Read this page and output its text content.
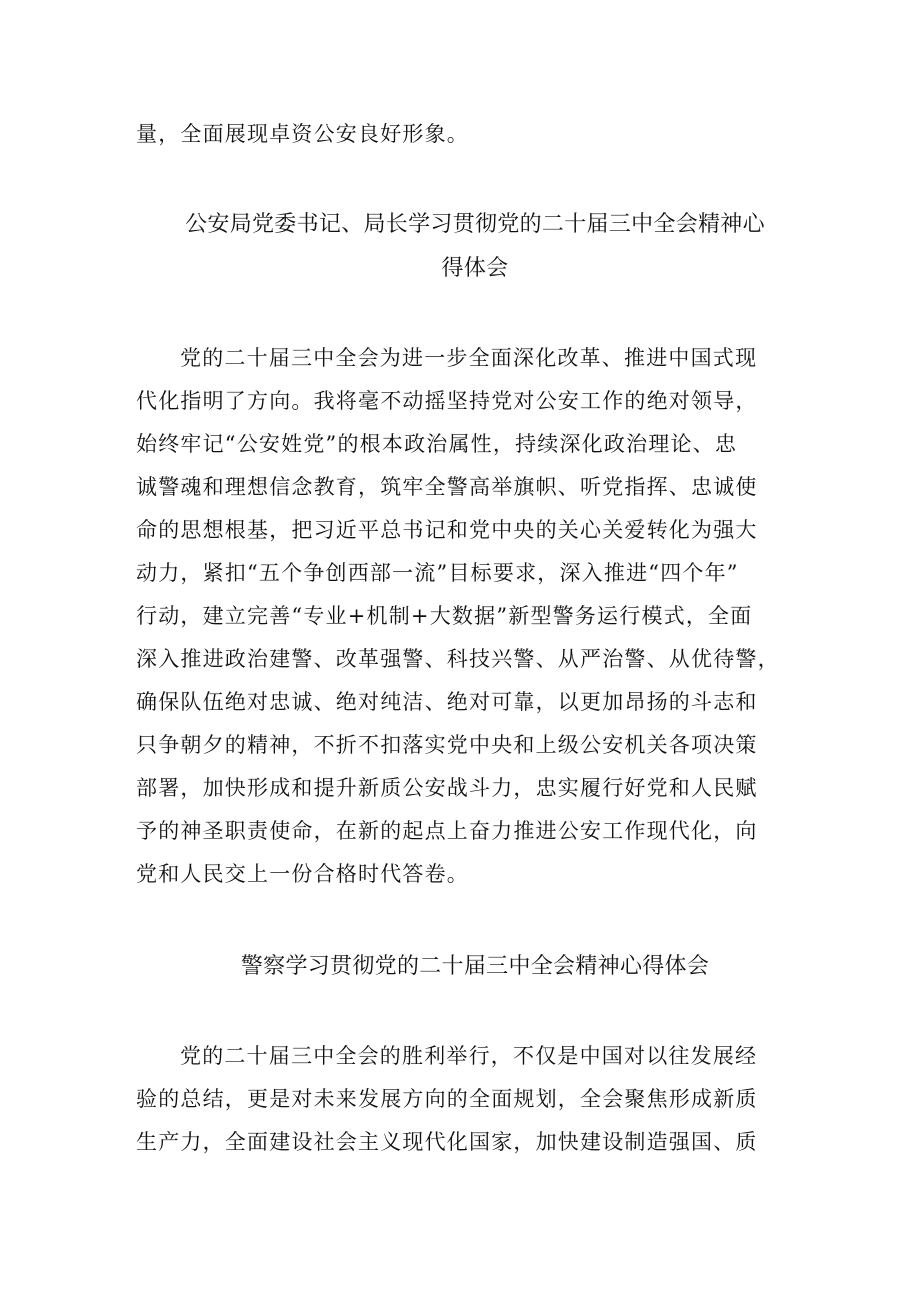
量，全面展现卓资公安良好形象。

公安局党委书记、局长学习贯彻党的二十届三中全会精神心
得体会

党的二十届三中全会为进一步全面深化改革、推进中国式现
代化指明了方向。我将毫不动摇坚持党对公安工作的绝对领导，
始终牢记“公安姓党”的根本政治属性，持续深化政治理论、忠
诚警魂和理想信念教育，筑牢全警高举旗帜、听党指挥、忠诚使
命的思想根基，把习近平总书记和党中央的关心关爱转化为强大
动力，紧扣“五个争创西部一流”目标要求，深入推进“四个年”
行动，建立完善“专业+机制+大数据”新型警务运行模式，全面
深入推进政治建警、改革强警、科技兴警、从严治警、从优待警，
确保队伍绝对忠诚、绝对纯洁、绝对可靠，以更加昂扬的斗志和
只争朝夕的精神，不折不扣落实党中央和上级公安机关各项决策
部署，加快形成和提升新质公安战斗力，忠实履行好党和人民赋
予的神圣职责使命，在新的起点上奋力推进公安工作现代化，向
党和人民交上一份合格时代答卷。

警察学习贯彻党的二十届三中全会精神心得体会

党的二十届三中全会的胜利举行，不仅是中国对以往发展经
验的总结，更是对未来发展方向的全面规划，全会聚焦形成新质
生产力，全面建设社会主义现代化国家，加快建设制造强国、质
